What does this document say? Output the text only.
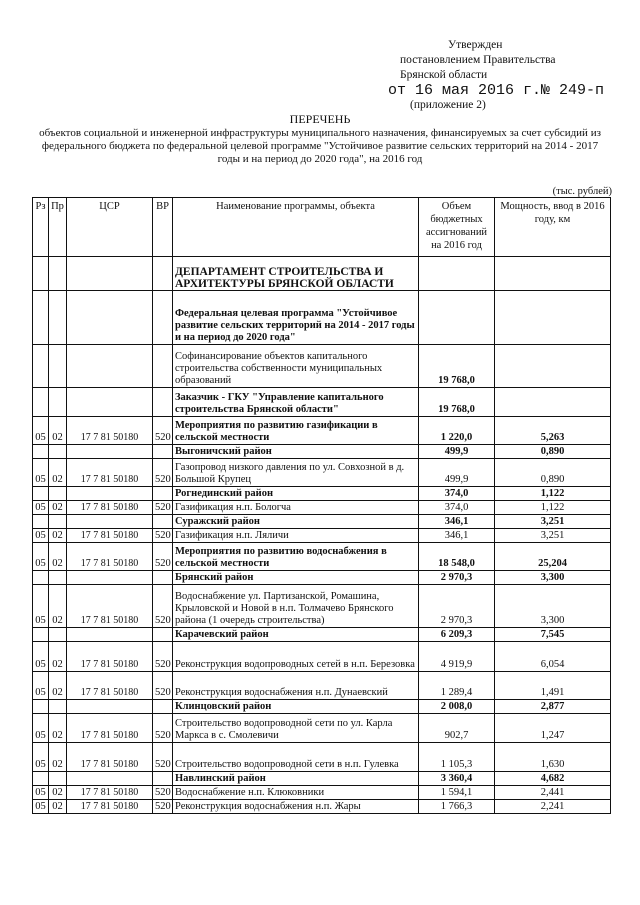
Утвержден
постановлением Правительства
Брянской области
от 16 мая 2016 г.№ 249-п
(приложение 2)
ПЕРЕЧЕНЬ
объектов социальной и инженерной инфраструктуры муниципального назначения, финансируемых за счет субсидий из федерального бюджета по федеральной целевой программе "Устойчивое развитие сельских территорий на 2014 - 2017 годы и на период до 2020 года", на 2016 год
(тыс. рублей)
Рз	Пр	ЦСР	ВР	Наименование программы, объекта	Объем бюджетных ассигнований на 2016 год	Мощность, ввод в 2016 году, км
				ДЕПАРТАМЕНТ СТРОИТЕЛЬСТВА И АРХИТЕКТУРЫ БРЯНСКОЙ ОБЛАСТИ		
				Федеральная целевая программа "Устойчивое развитие сельских территорий на 2014 - 2017 годы и на период до 2020 года"		
				Софинансирование объектов капитального строительства собственности муниципальных образований	19 768,0	
				Заказчик - ГКУ "Управление капитального строительства Брянской области"	19 768,0	
05	02	17 7 81 50180	520	Мероприятия по развитию газификации в сельской местности	1 220,0	5,263
				Выгоничский район	499,9	0,890
05	02	17 7 81 50180	520	Газопровод низкого давления по ул. Совхозной в д. Большой Крупец	499,9	0,890
				Рогнединский район	374,0	1,122
05	02	17 7 81 50180	520	Газификация н.п. Бологча	374,0	1,122
				Суражский район	346,1	3,251
05	02	17 7 81 50180	520	Газификация н.п. Ляличи	346,1	3,251
05	02	17 7 81 50180	520	Мероприятия по развитию водоснабжения в сельской местности	18 548,0	25,204
				Брянский район	2 970,3	3,300
05	02	17 7 81 50180	520	Водоснабжение ул. Партизанской, Ромашина, Крыловской и Новой в н.п. Толмачево Брянского района (1 очередь строительства)	2 970,3	3,300
				Карачевский район	6 209,3	7,545
05	02	17 7 81 50180	520	Реконструкция водопроводных сетей в н.п. Березовка	4 919,9	6,054
05	02	17 7 81 50180	520	Реконструкция водоснабжения н.п. Дунаевский	1 289,4	1,491
				Клинцовский район	2 008,0	2,877
05	02	17 7 81 50180	520	Строительство водопроводной сети по ул. Карла Маркса в с. Смолевичи	902,7	1,247
05	02	17 7 81 50180	520	Строительство водопроводной сети в н.п. Гулевка	1 105,3	1,630
				Навлинский район	3 360,4	4,682
05	02	17 7 81 50180	520	Водоснабжение н.п. Клюковники	1 594,1	2,441
05	02	17 7 81 50180	520	Реконструкция водоснабжения н.п. Жары	1 766,3	2,241
